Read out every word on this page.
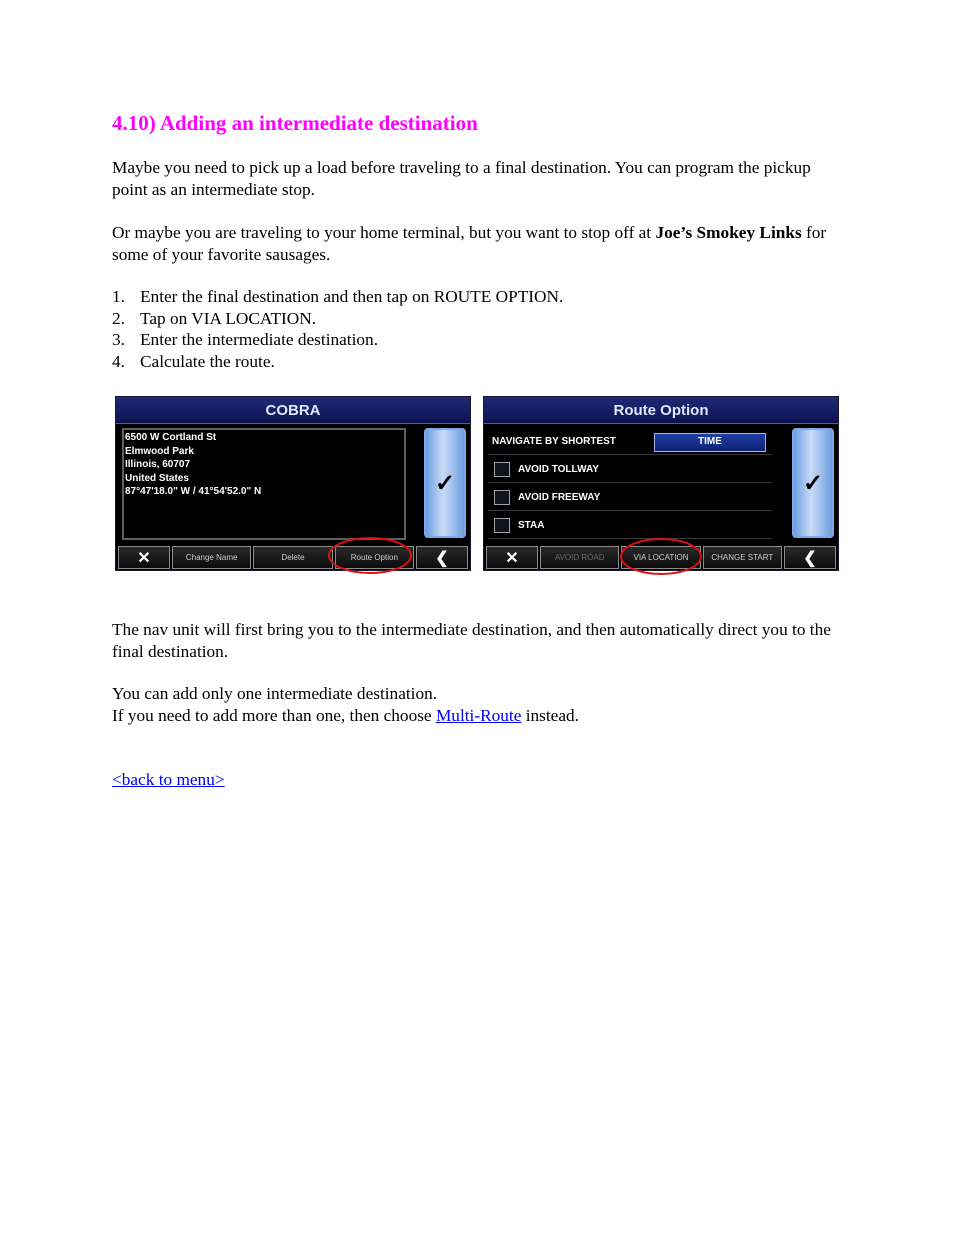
4.10) Adding an intermediate destination

Maybe you need to pick up a load before traveling to a final destination. You can program the pickup point as an intermediate stop.

Or maybe you are traveling to your home terminal, but you want to stop off at Joe’s Smokey Links for some of your favorite sausages.

1. Enter the final destination and then tap on ROUTE OPTION.
2. Tap on VIA LOCATION.
3. Enter the intermediate destination.
4. Calculate the route.

The nav unit will first bring you to the intermediate destination, and then automatically direct you to the final destination.

You can add only one intermediate destination.
If you need to add more than one, then choose Multi-Route instead.

<back to menu>

COBRA
6500 W Cortland St
Elmwood Park
Illinois, 60707
United States
87°47'18.0" W / 41°54'52.0" N	✓
✕	Change Name	Delete	Route Option	❮
Route Option
NAVIGATE BY SHORTEST	TIME
AVOID TOLLWAY
AVOID FREEWAY
STAA
✓
✕	AVOID ROAD	VIA LOCATION	CHANGE START	❮
